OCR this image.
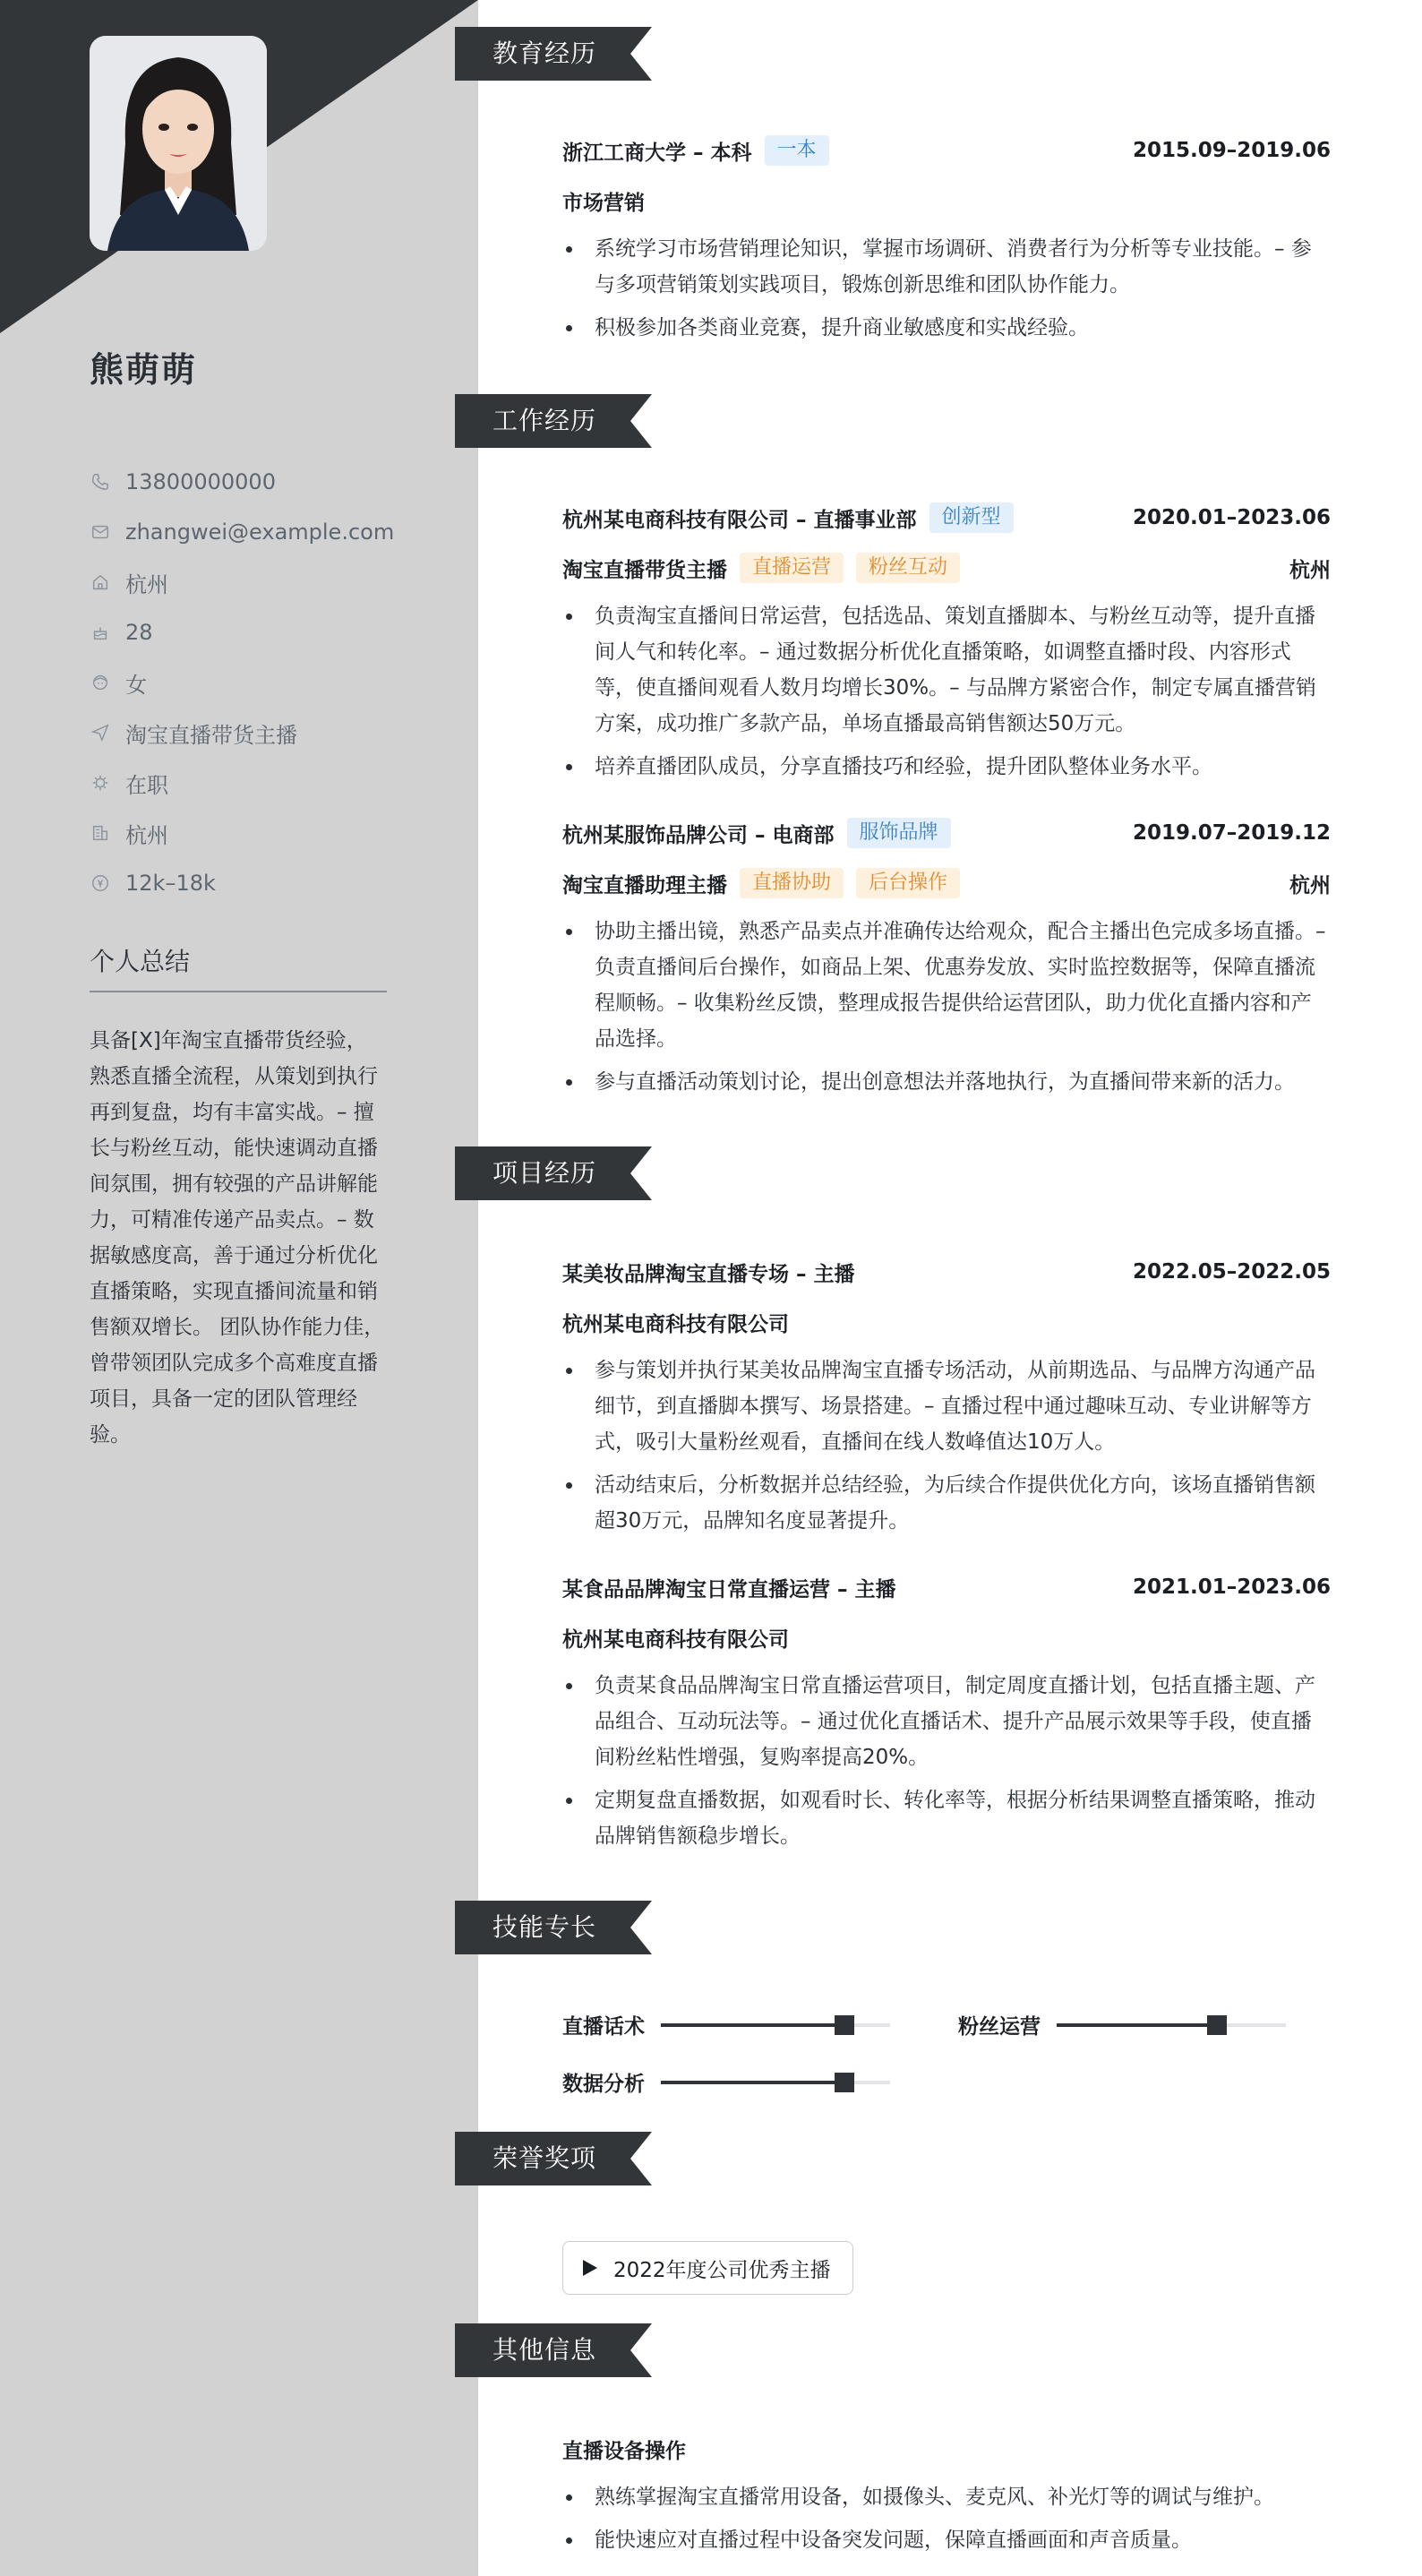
熊萌萌
13800000000
zhangwei@example.com
杭州
28
女
淘宝直播带货主播
在职
杭州
12k–18k
个人总结
具备[X]年淘宝直播带货经验，熟悉直播全流程，从策划到执行再到复盘，均有丰富实战。– 擅长与粉丝互动，能快速调动直播间氛围，拥有较强的产品讲解能力，可精准传递产品卖点。– 数据敏感度高，善于通过分析优化直播策略，实现直播间流量和销售额双增长。 团队协作能力佳，曾带领团队完成多个高难度直播项目，具备一定的团队管理经验。
教育经历
工作经历
项目经历
技能专长
荣誉奖项
其他信息
浙江工商大学 – 本科	一本	2015.09–2019.06
市场营销
系统学习市场营销理论知识，掌握市场调研、消费者行为分析等专业技能。– 参与多项营销策划实践项目，锻炼创新思维和团队协作能力。
积极参加各类商业竞赛，提升商业敏感度和实战经验。
杭州某电商科技有限公司 – 直播事业部	创新型	2020.01–2023.06
淘宝直播带货主播	直播运营	粉丝互动	杭州
负责淘宝直播间日常运营，包括选品、策划直播脚本、与粉丝互动等，提升直播间人气和转化率。– 通过数据分析优化直播策略，如调整直播时段、内容形式等，使直播间观看人数月均增长30%。– 与品牌方紧密合作，制定专属直播营销方案，成功推广多款产品，单场直播最高销售额达50万元。
培养直播团队成员，分享直播技巧和经验，提升团队整体业务水平。
杭州某服饰品牌公司 – 电商部	服饰品牌	2019.07–2019.12
淘宝直播助理主播	直播协助	后台操作	杭州
协助主播出镜，熟悉产品卖点并准确传达给观众，配合主播出色完成多场直播。– 负责直播间后台操作，如商品上架、优惠券发放、实时监控数据等，保障直播流程顺畅。– 收集粉丝反馈，整理成报告提供给运营团队，助力优化直播内容和产品选择。
参与直播活动策划讨论，提出创意想法并落地执行，为直播间带来新的活力。
某美妆品牌淘宝直播专场 – 主播	2022.05–2022.05
杭州某电商科技有限公司
参与策划并执行某美妆品牌淘宝直播专场活动，从前期选品、与品牌方沟通产品细节，到直播脚本撰写、场景搭建。– 直播过程中通过趣味互动、专业讲解等方式，吸引大量粉丝观看，直播间在线人数峰值达10万人。
活动结束后，分析数据并总结经验，为后续合作提供优化方向，该场直播销售额超30万元，品牌知名度显著提升。
某食品品牌淘宝日常直播运营 – 主播	2021.01–2023.06
杭州某电商科技有限公司
负责某食品品牌淘宝日常直播运营项目，制定周度直播计划，包括直播主题、产品组合、互动玩法等。– 通过优化直播话术、提升产品展示效果等手段，使直播间粉丝粘性增强，复购率提高20%。
定期复盘直播数据，如观看时长、转化率等，根据分析结果调整直播策略，推动品牌销售额稳步增长。
直播话术	粉丝运营
数据分析
2022年度公司优秀主播
直播设备操作
熟练掌握淘宝直播常用设备，如摄像头、麦克风、补光灯等的调试与维护。
能快速应对直播过程中设备突发问题，保障直播画面和声音质量。
